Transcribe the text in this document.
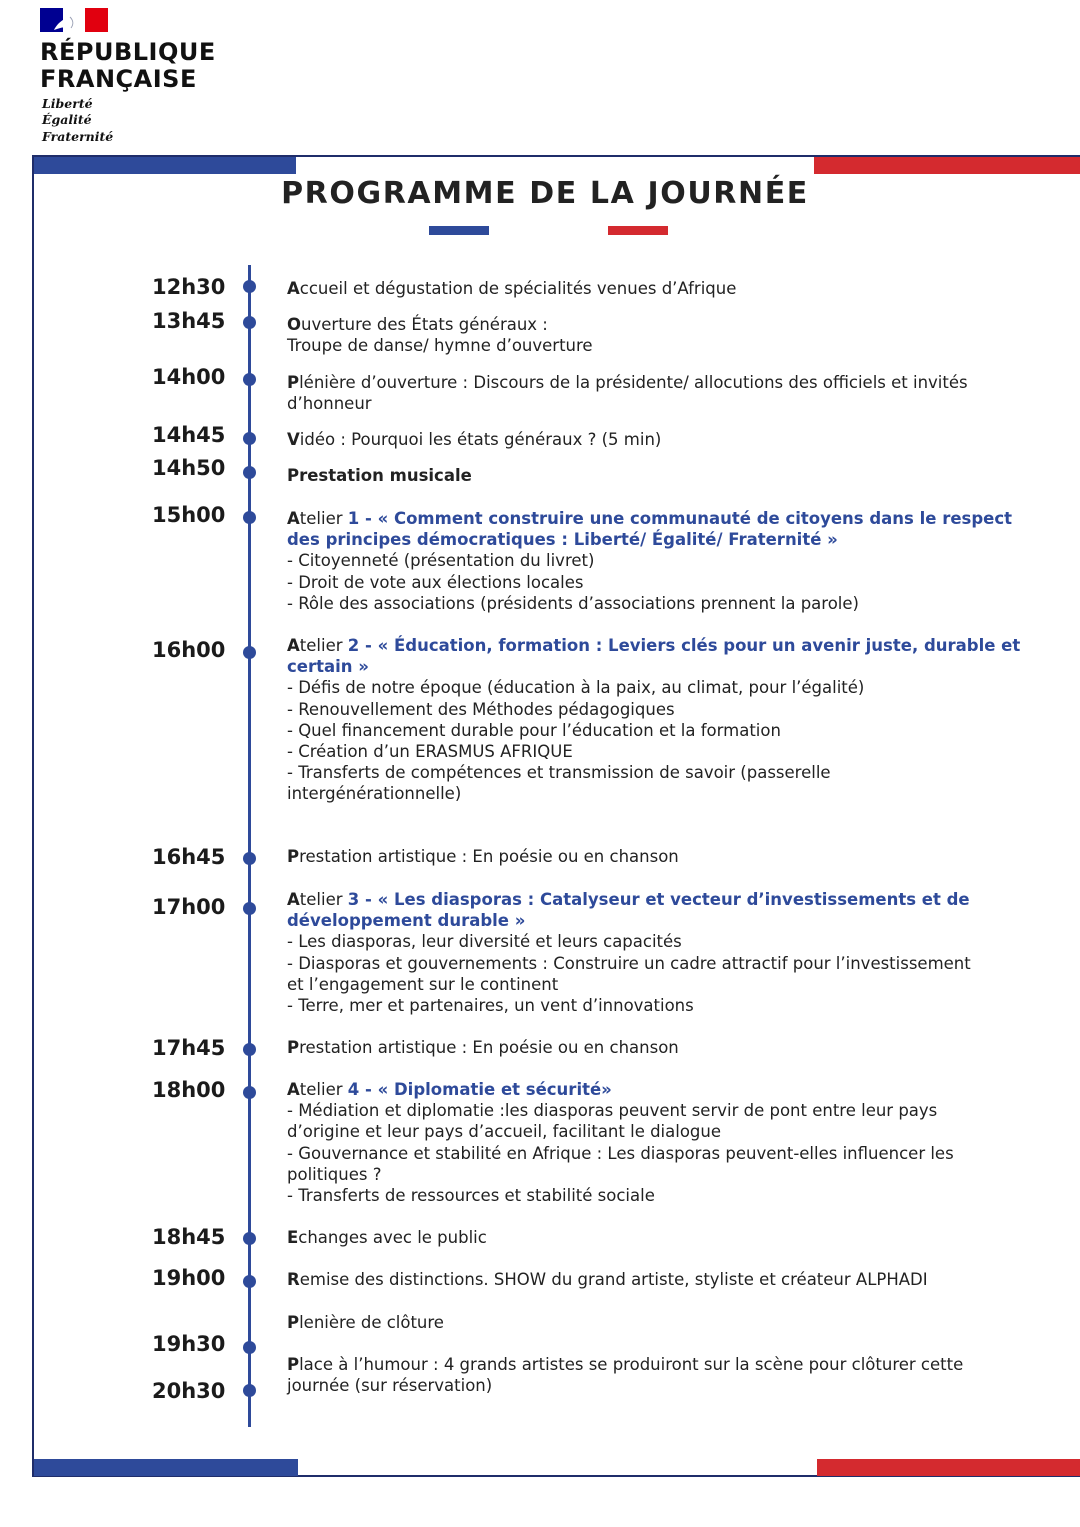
RÉPUBLIQUE
FRANÇAISE
Liberté
Égalité
Fraternité
PROGRAMME DE LA JOURNÉE
12h30
13h45
14h00
14h45
14h50
15h00
16h00
16h45
17h00
17h45
18h00
18h45
19h00
19h30
20h30
Accueil et dégustation de spécialités venues d’Afrique
Ouverture des États généraux :
Troupe de danse/ hymne d’ouverture
Plénière d’ouverture : Discours de la présidente/ allocutions des officiels et invités
d’honneur
Vidéo : Pourquoi les états généraux ? (5 min)
Prestation musicale
Atelier 1 - « Comment construire une communauté de citoyens dans le respect
des principes démocratiques : Liberté/ Égalité/ Fraternité »
- Citoyenneté (présentation du livret)
- Droit de vote aux élections locales
- Rôle des associations (présidents d’associations prennent la parole)
Atelier 2 - « Éducation, formation : Leviers clés pour un avenir juste, durable et
certain »
- Défis de notre époque (éducation à la paix, au climat, pour l’égalité)
- Renouvellement des Méthodes pédagogiques
- Quel financement durable pour l’éducation et la formation
- Création d’un ERASMUS AFRIQUE
- Transferts de compétences et transmission de savoir (passerelle
intergénérationnelle)
Prestation artistique : En poésie ou en chanson
Atelier 3 - « Les diasporas : Catalyseur et vecteur d’investissements et de
développement durable »
- Les diasporas, leur diversité et leurs capacités
- Diasporas et gouvernements : Construire un cadre attractif pour l’investissement
et l’engagement sur le continent
- Terre, mer et partenaires, un vent d’innovations
Prestation artistique : En poésie ou en chanson
Atelier 4 - « Diplomatie et sécurité»
- Médiation et diplomatie :les diasporas peuvent servir de pont entre leur pays
d’origine et leur pays d’accueil, facilitant le dialogue
- Gouvernance et stabilité en Afrique : Les diasporas peuvent-elles influencer les
politiques ?
- Transferts de ressources et stabilité sociale
Echanges avec le public
Remise des distinctions. SHOW du grand artiste, styliste et créateur ALPHADI
Plenière de clôture
Place à l’humour : 4 grands artistes se produiront sur la scène pour clôturer cette
journée (sur réservation)
